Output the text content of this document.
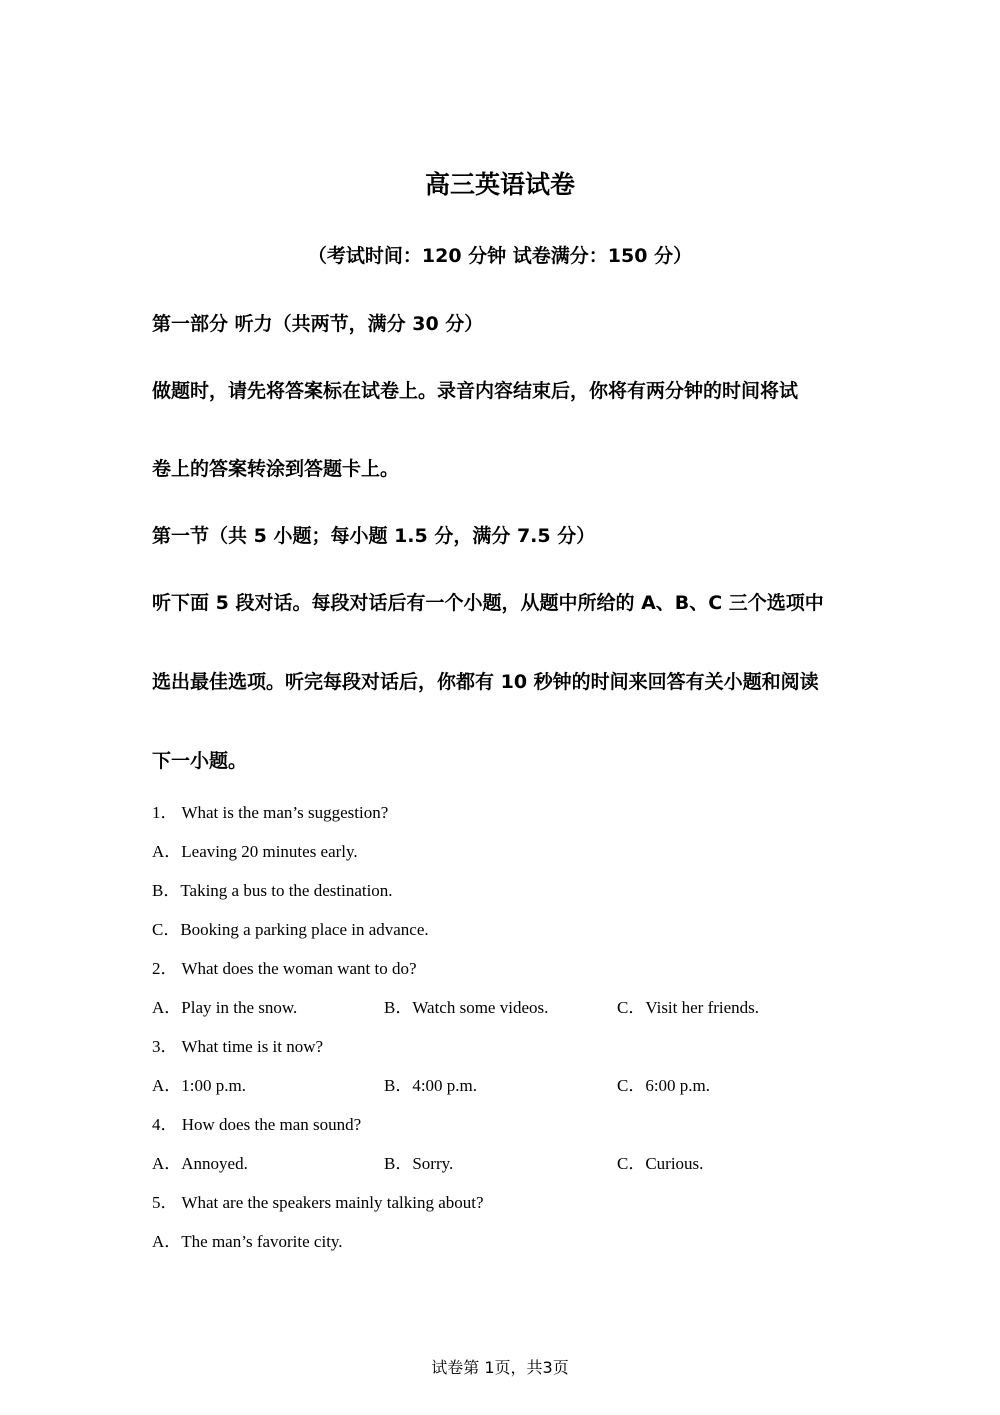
高三英语试卷
（考试时间：120 分钟 试卷满分：150 分）
第一部分 听力（共两节，满分 30 分）
做题时，请先将答案标在试卷上。录音内容结束后，你将有两分钟的时间将试
卷上的答案转涂到答题卡上。
第一节（共 5 小题；每小题 1.5 分，满分 7.5 分）
听下面 5 段对话。每段对话后有一个小题，从题中所给的 A、B、C 三个选项中
选出最佳选项。听完每段对话后，你都有 10 秒钟的时间来回答有关小题和阅读
下一小题。
1． What is the man’s suggestion?
A．Leaving 20 minutes early.
B．Taking a bus to the destination.
C．Booking a parking place in advance.
2． What does the woman want to do?
A．Play in the snow.	B．Watch some videos.	C．Visit her friends.
3． What time is it now?
A．1:00 p.m.	B．4:00 p.m.	C．6:00 p.m.
4． How does the man sound?
A．Annoyed.	B．Sorry.	C．Curious.
5． What are the speakers mainly talking about?
A．The man’s favorite city.
试卷第 1页，共3页
